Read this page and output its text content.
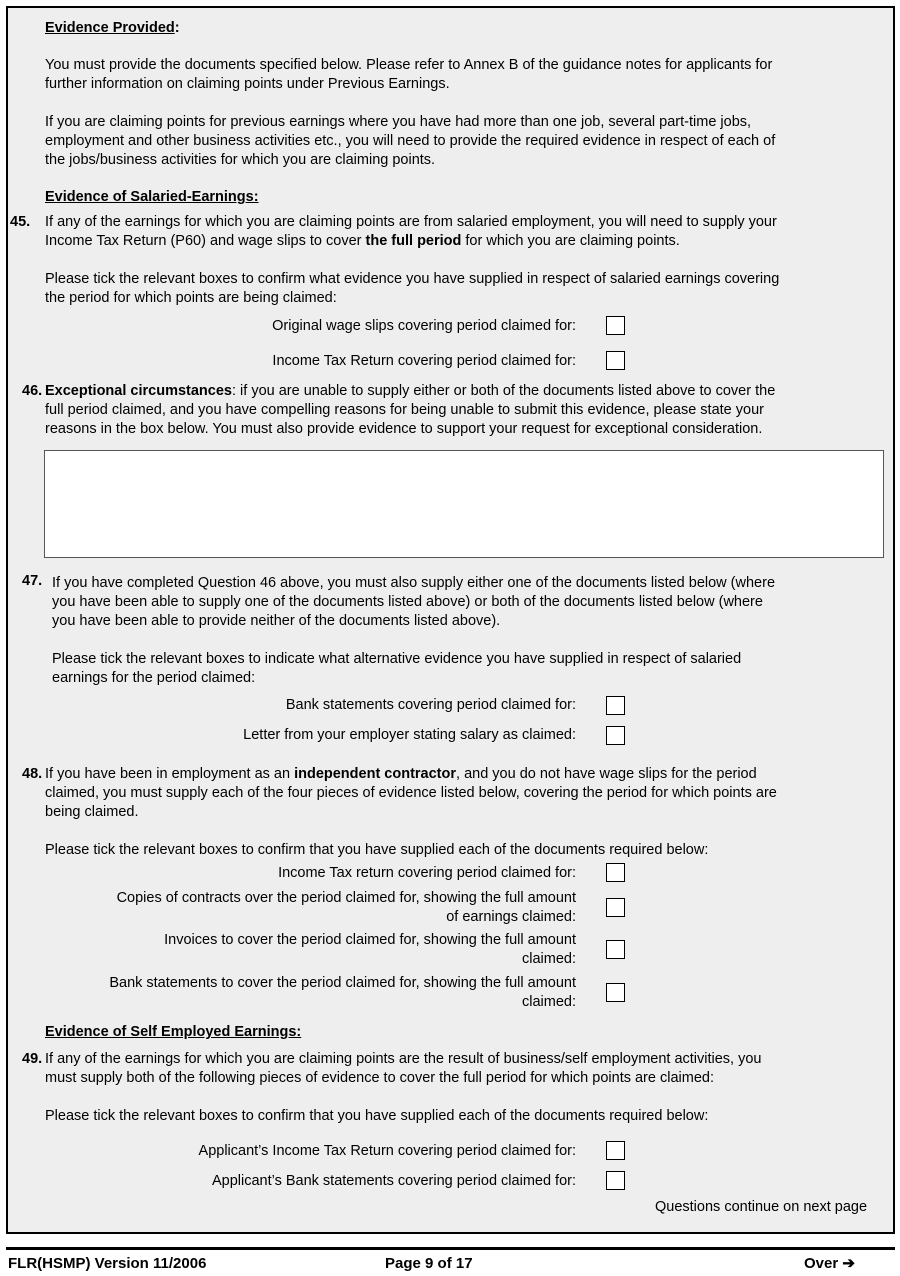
Evidence Provided:
You must provide the documents specified below. Please refer to Annex B of the guidance notes for applicants for
further information on claiming points under Previous Earnings.
If you are claiming points for previous earnings where you have had more than one job, several part-time jobs,
employment and other business activities etc., you will need to provide the required evidence in respect of each of
the jobs/business activities for which you are claiming points.
Evidence of Salaried-Earnings:
45. If any of the earnings for which you are claiming points are from salaried employment, you will need to supply your
Income Tax Return (P60) and wage slips to cover the full period for which you are claiming points.
Please tick the relevant boxes to confirm what evidence you have supplied in respect of salaried earnings covering
the period for which points are being claimed:
Original wage slips covering period claimed for:
Income Tax Return covering period claimed for:
46. Exceptional circumstances: if you are unable to supply either or both of the documents listed above to cover the
full period claimed, and you have compelling reasons for being unable to submit this evidence, please state your
reasons in the box below. You must also provide evidence to support your request for exceptional consideration.
47. If you have completed Question 46 above, you must also supply either one of the documents listed below (where
you have been able to supply one of the documents listed above) or both of the documents listed below (where
you have been able to provide neither of the documents listed above).
Please tick the relevant boxes to indicate what alternative evidence you have supplied in respect of salaried
earnings for the period claimed:
Bank statements covering period claimed for:
Letter from your employer stating salary as claimed:
48. If you have been in employment as an independent contractor, and you do not have wage slips for the period
claimed, you must supply each of the four pieces of evidence listed below, covering the period for which points are
being claimed.
Please tick the relevant boxes to confirm that you have supplied each of the documents required below:
Income Tax return covering period claimed for:
Copies of contracts over the period claimed for, showing the full amount
of earnings claimed:
Invoices to cover the period claimed for, showing the full amount
claimed:
Bank statements to cover the period claimed for, showing the full amount
claimed:
Evidence of Self Employed Earnings:
49. If any of the earnings for which you are claiming points are the result of business/self employment activities, you
must supply both of the following pieces of evidence to cover the full period for which points are claimed:
Please tick the relevant boxes to confirm that you have supplied each of the documents required below:
Applicant’s Income Tax Return covering period claimed for:
Applicant’s Bank statements covering period claimed for:
Questions continue on next page
FLR(HSMP) Version 11/2006	Page 9 of 17	Over ➔
